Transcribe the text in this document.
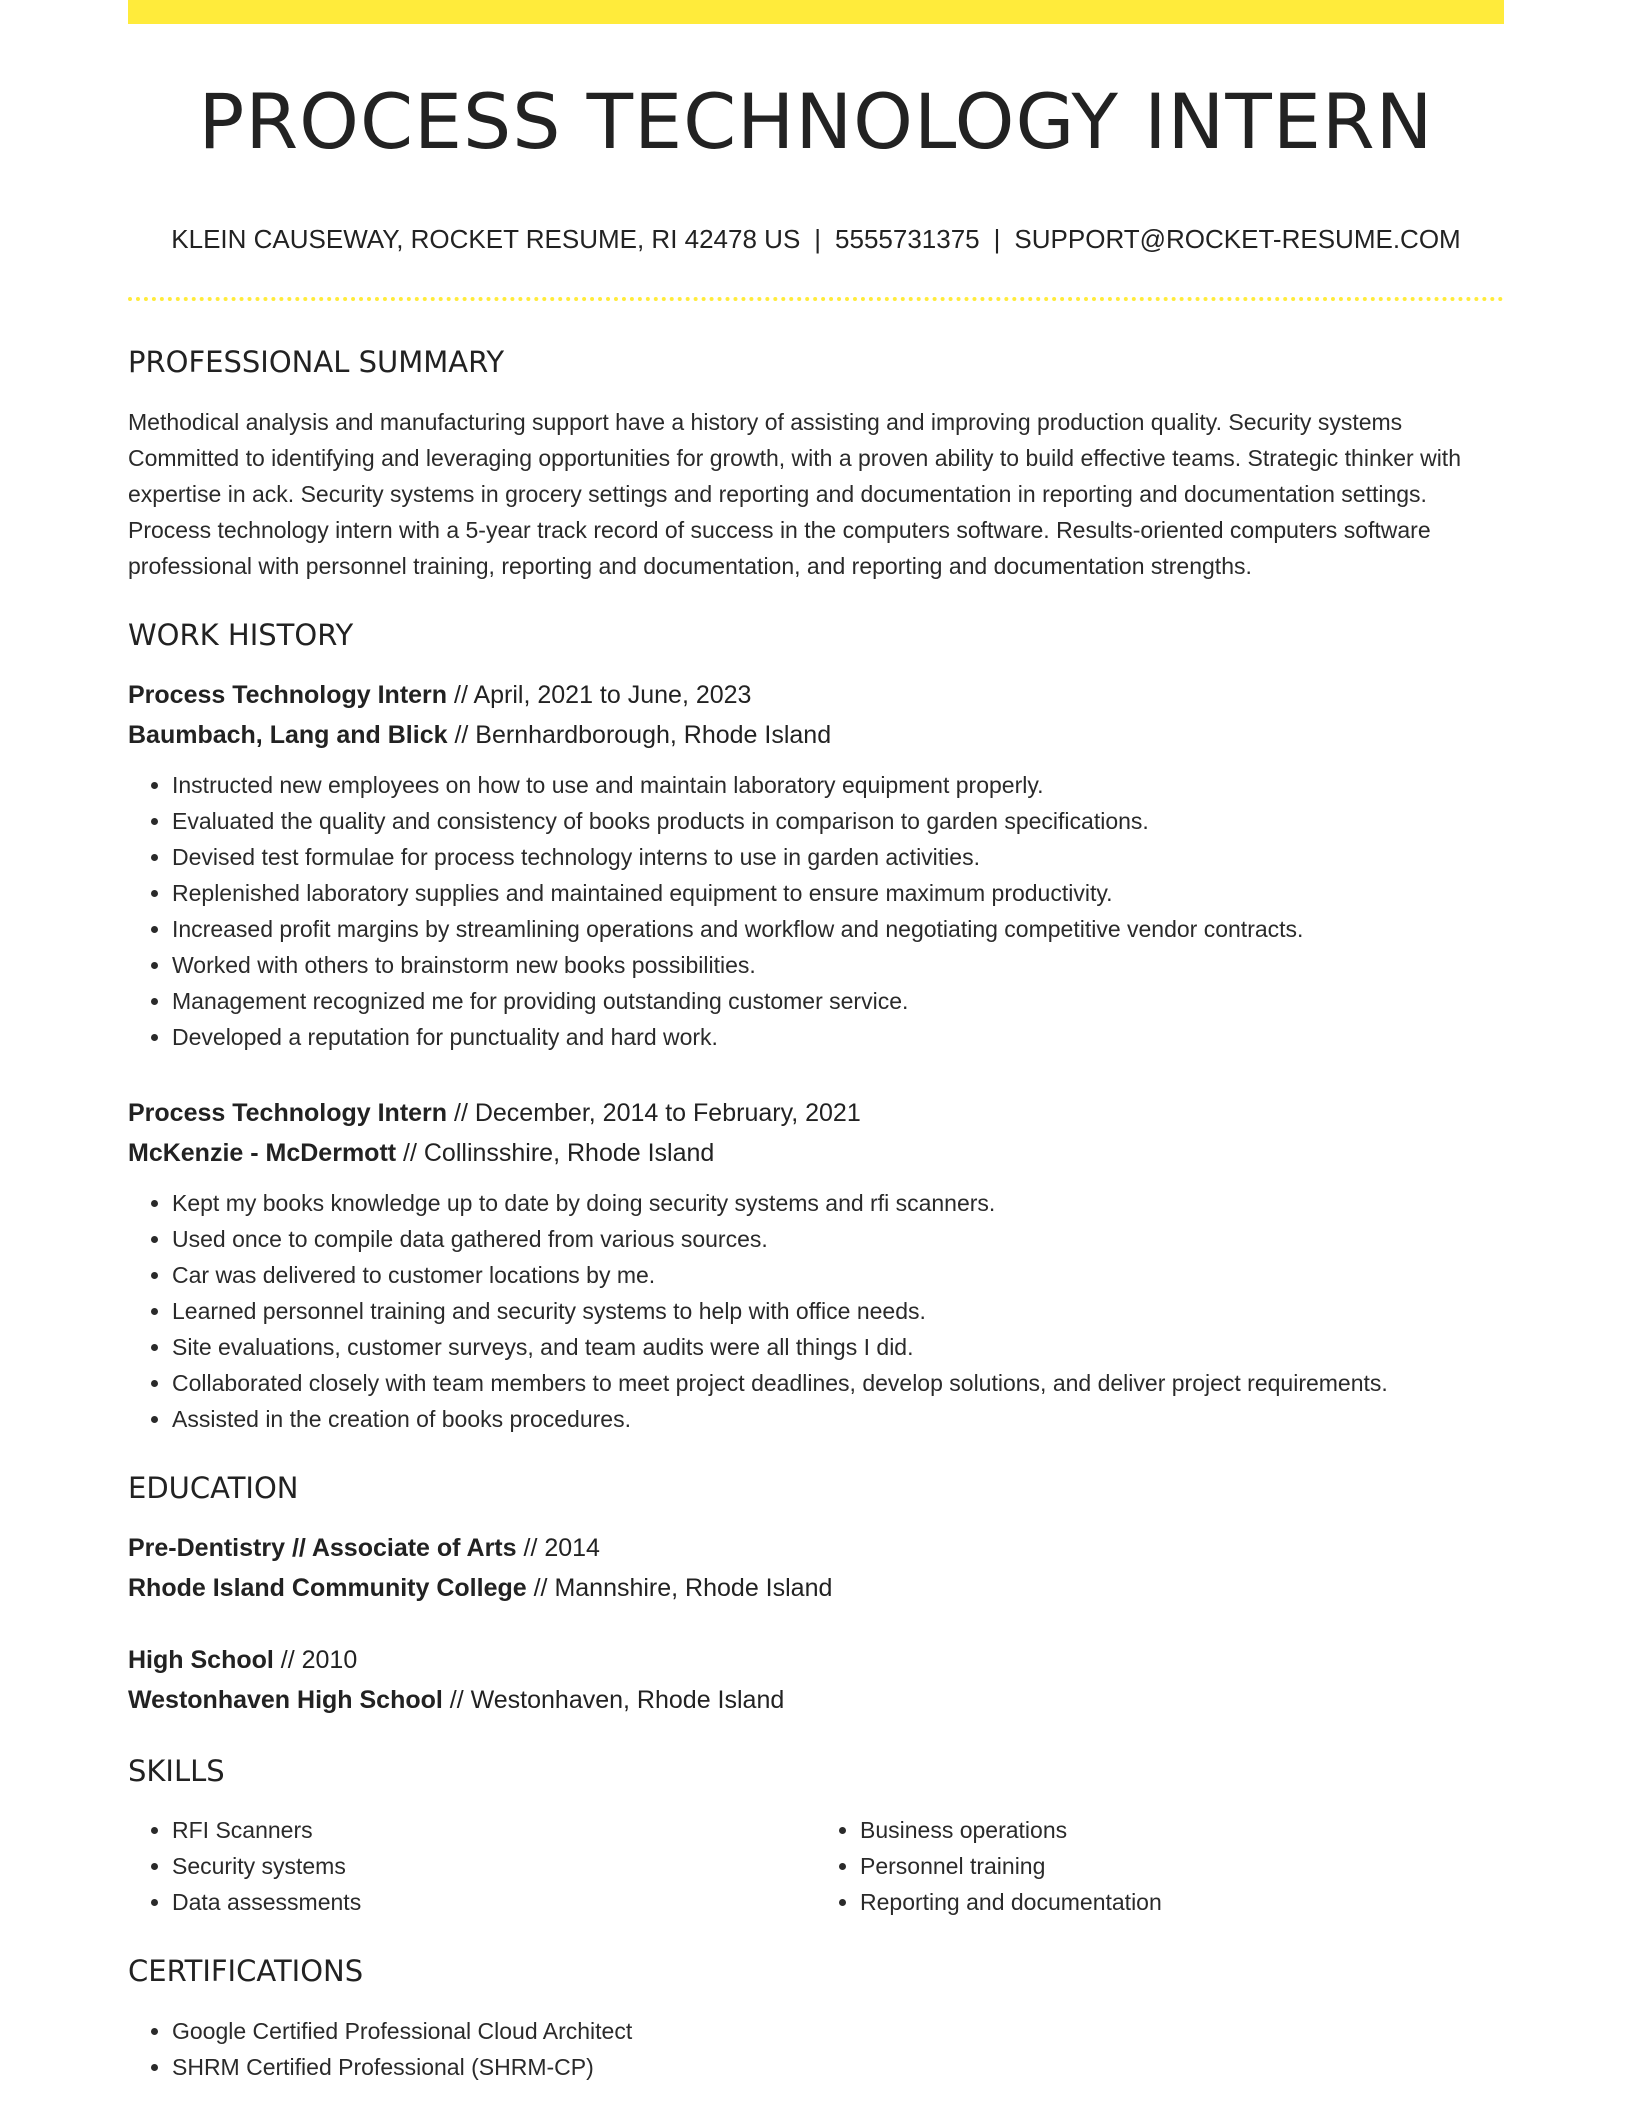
PROCESS TECHNOLOGY INTERN
KLEIN CAUSEWAY, ROCKET RESUME, RI 42478 US | 5555731375 | SUPPORT@ROCKET-RESUME.COM
PROFESSIONAL SUMMARY
Methodical analysis and manufacturing support have a history of assisting and improving production quality. Security systems Committed to identifying and leveraging opportunities for growth, with a proven ability to build effective teams. Strategic thinker with expertise in ack. Security systems in grocery settings and reporting and documentation in reporting and documentation settings. Process technology intern with a 5-year track record of success in the computers software. Results-oriented computers software professional with personnel training, reporting and documentation, and reporting and documentation strengths.
WORK HISTORY
Process Technology Intern // April, 2021 to June, 2023
Baumbach, Lang and Blick // Bernhardborough, Rhode Island
• Instructed new employees on how to use and maintain laboratory equipment properly.
• Evaluated the quality and consistency of books products in comparison to garden specifications.
• Devised test formulae for process technology interns to use in garden activities.
• Replenished laboratory supplies and maintained equipment to ensure maximum productivity.
• Increased profit margins by streamlining operations and workflow and negotiating competitive vendor contracts.
• Worked with others to brainstorm new books possibilities.
• Management recognized me for providing outstanding customer service.
• Developed a reputation for punctuality and hard work.
Process Technology Intern // December, 2014 to February, 2021
McKenzie - McDermott // Collinsshire, Rhode Island
• Kept my books knowledge up to date by doing security systems and rfi scanners.
• Used once to compile data gathered from various sources.
• Car was delivered to customer locations by me.
• Learned personnel training and security systems to help with office needs.
• Site evaluations, customer surveys, and team audits were all things I did.
• Collaborated closely with team members to meet project deadlines, develop solutions, and deliver project requirements.
• Assisted in the creation of books procedures.
EDUCATION
Pre-Dentistry // Associate of Arts // 2014
Rhode Island Community College // Mannshire, Rhode Island
High School // 2010
Westonhaven High School // Westonhaven, Rhode Island
SKILLS
• RFI Scanners
• Security systems
• Data assessments
• Business operations
• Personnel training
• Reporting and documentation
CERTIFICATIONS
• Google Certified Professional Cloud Architect
• SHRM Certified Professional (SHRM-CP)
